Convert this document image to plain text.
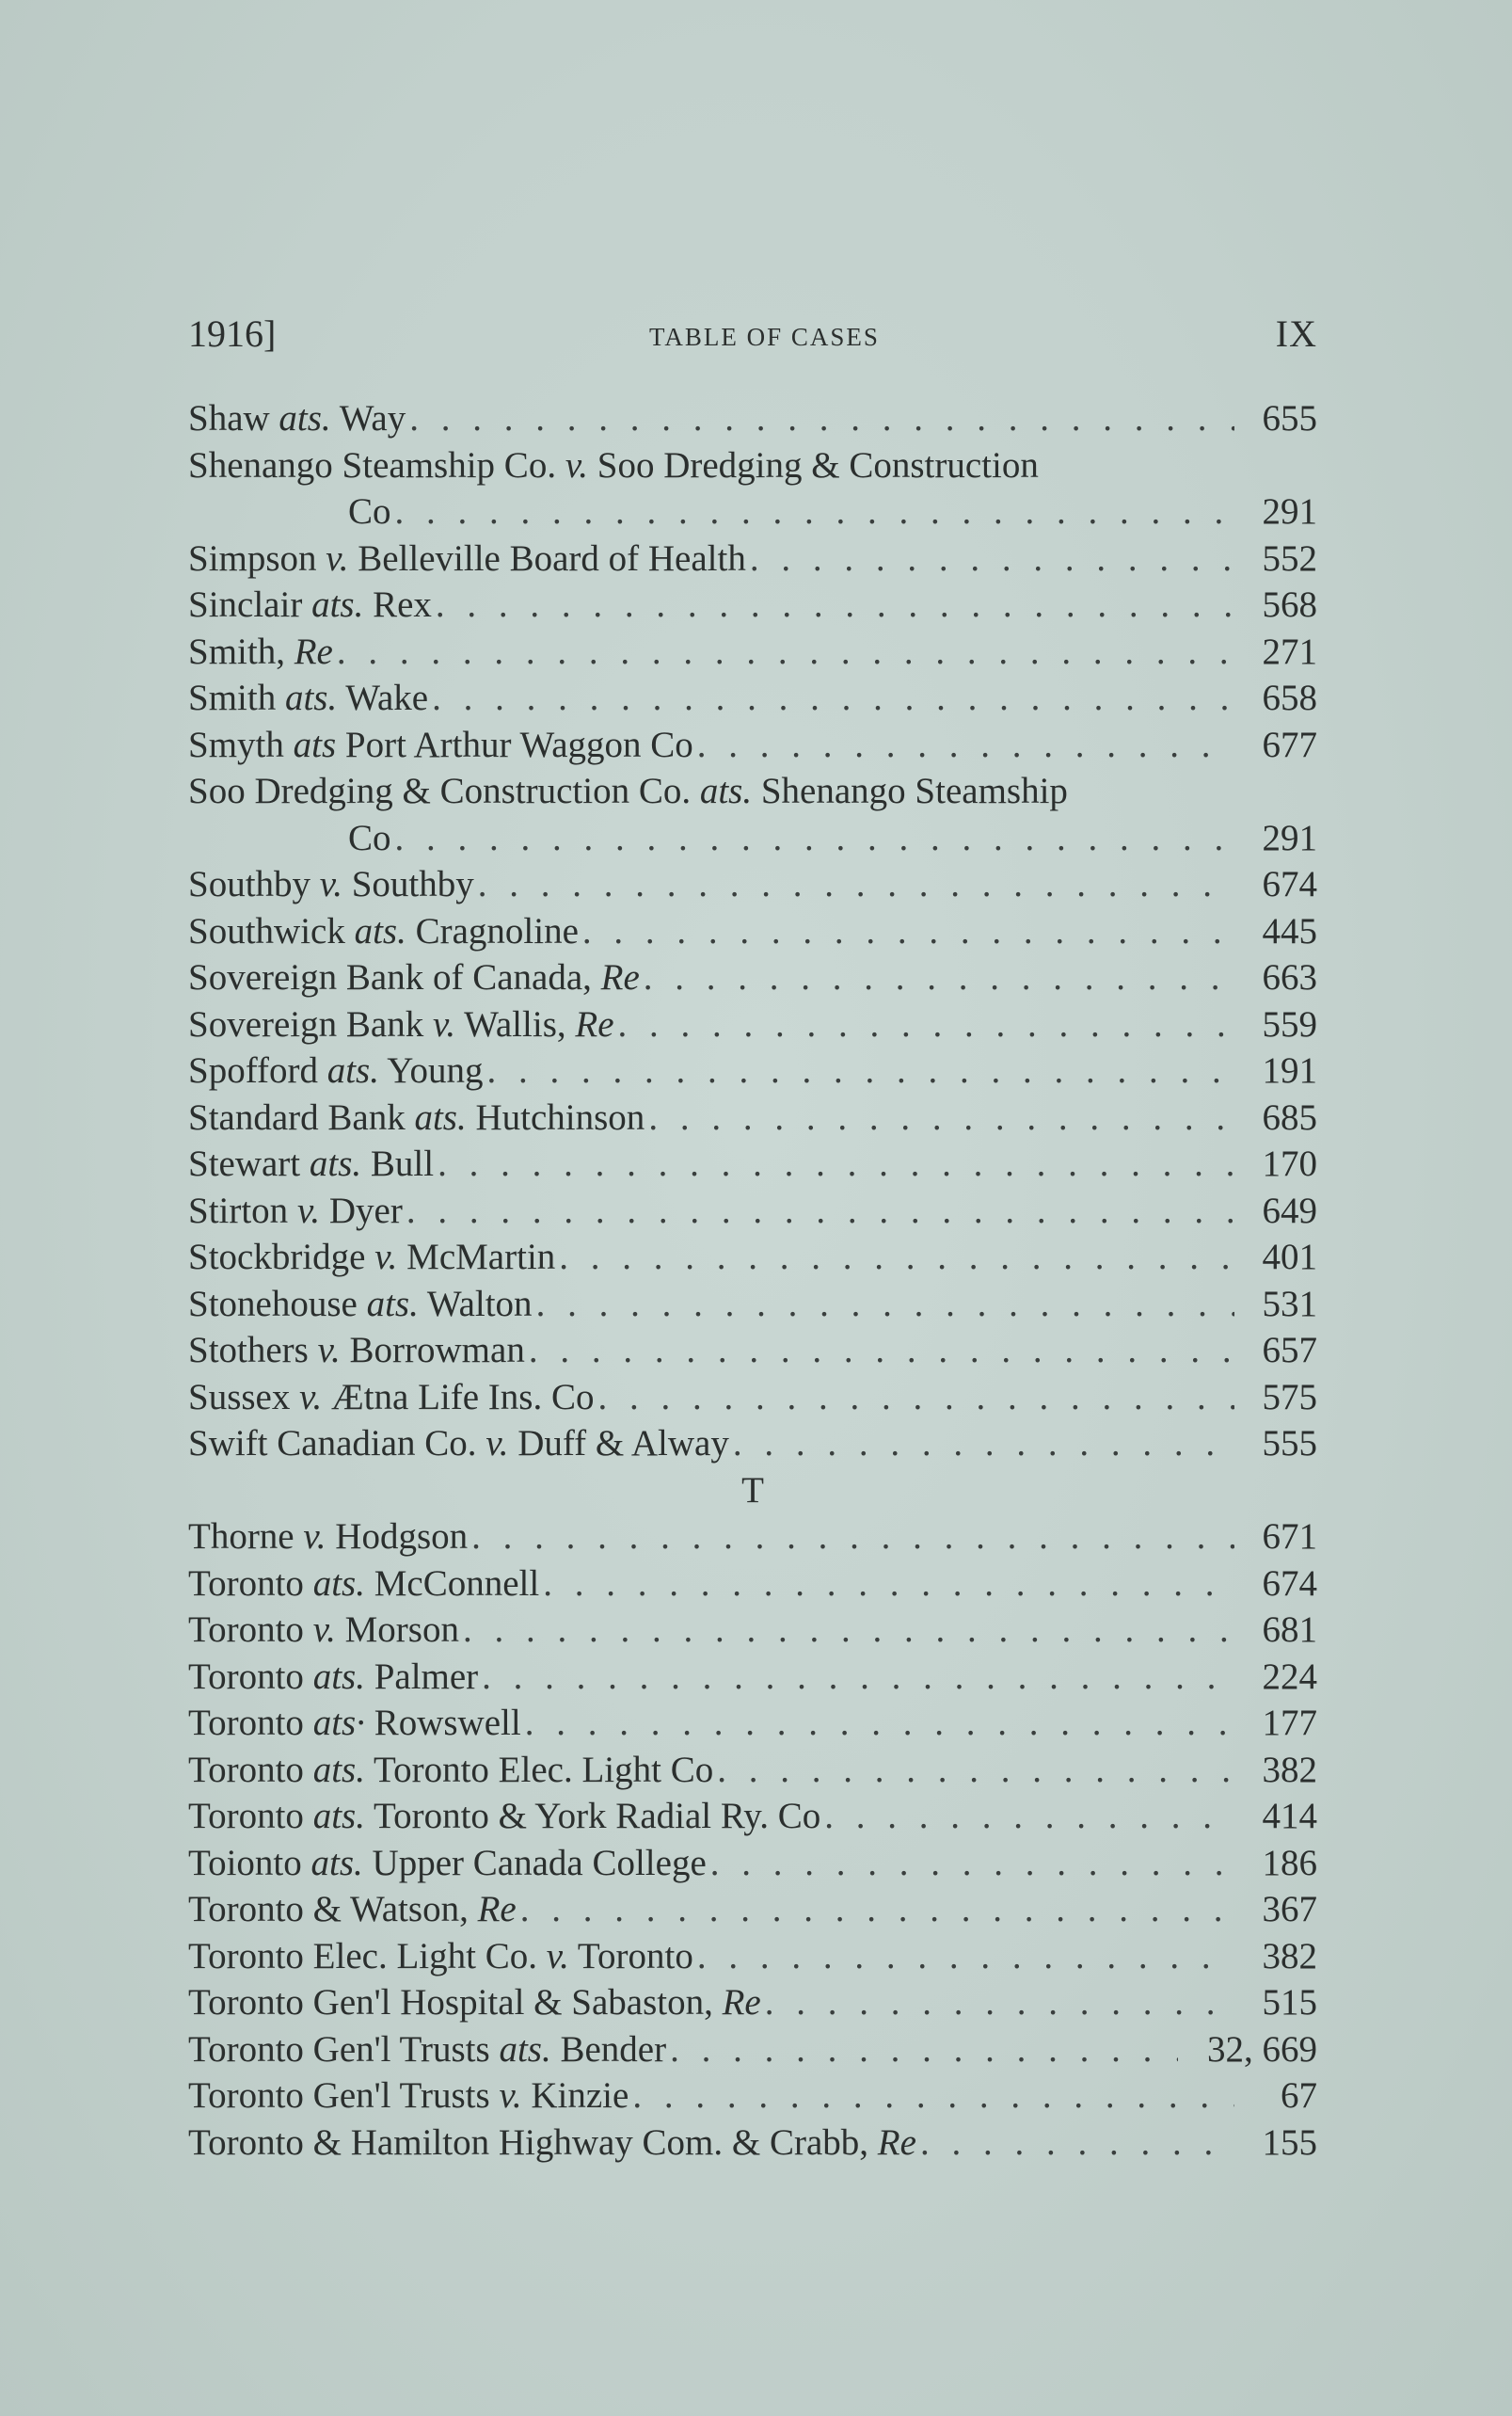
1916]	TABLE OF CASES	IX
Shaw ats. Way . . .	655
Shenango Steamship Co. v. Soo Dredging & Construction
Co . . .	291
Simpson v. Belleville Board of Health . . .	552
Sinclair ats. Rex . . .	568
Smith, Re . . .	271
Smith ats. Wake . . .	658
Smyth ats Port Arthur Waggon Co . . .	677
Soo Dredging & Construction Co. ats. Shenango Steamship
Co . . .	291
Southby v. Southby . . .	674
Southwick ats. Cragnoline . . .	445
Sovereign Bank of Canada, Re . . .	663
Sovereign Bank v. Wallis, Re . . .	559
Spofford ats. Young . . .	191
Standard Bank ats. Hutchinson . . .	685
Stewart ats. Bull . . .	170
Stirton v. Dyer . . .	649
Stockbridge v. McMartin . . .	401
Stonehouse ats. Walton . . .	531
Stothers v. Borrowman . . .	657
Sussex v. Ætna Life Ins. Co . . .	575
Swift Canadian Co. v. Duff & Alway . . .	555
T
Thorne v. Hodgson . . .	671
Toronto ats. McConnell . . .	674
Toronto v. Morson . . .	681
Toronto ats. Palmer . . .	224
Toronto ats· Rowswell . . .	177
Toronto ats. Toronto Elec. Light Co . . .	382
Toronto ats. Toronto & York Radial Ry. Co . . .	414
Toionto ats. Upper Canada College . . .	186
Toronto & Watson, Re . . .	367
Toronto Elec. Light Co. v. Toronto . . .	382
Toronto Gen'l Hospital & Sabaston, Re . . .	515
Toronto Gen'l Trusts ats. Bender . . .	32, 669
Toronto Gen'l Trusts v. Kinzie . . .	67
Toronto & Hamilton Highway Com. & Crabb, Re . . .	155
